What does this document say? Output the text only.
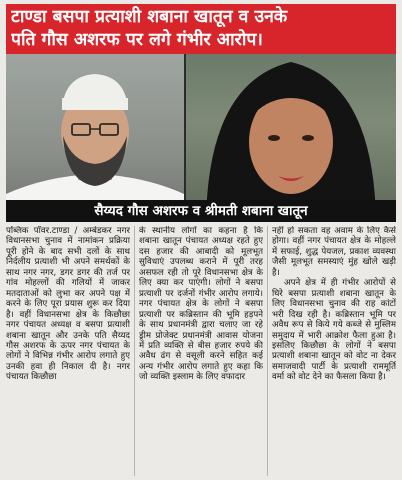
टाण्डा बसपा प्रत्याशी शबाना खातून व उनके
पति गौस अशरफ पर लगे गंभीर आरोप।
सैय्यद गौस अशरफ व श्रीमती शबाना खातून

पब्लिक पॉवर.टाण्डा / अम्बेडकर नगर विधानसभा चुनाव में नामांकन प्रक्रिया पूरी होने के बाद सभी दलों के साथ निर्दलीय प्रत्याशी भी अपने समर्थकों के साथ नगर नगर, डगर डगर की तर्ज पर गांव मोहल्लों की गलियों में जाकर मतदाताओं को लुभा कर अपने पक्ष में करने के लिए पूरा प्रयास शुरू कर दिया है। वहीं विधानसभा क्षेत्र के किछौछा नगर पंचायत अध्यक्ष व बसपा प्रत्याशी शबाना खातून और उनके पति सैय्यद गौस अशरफ के ऊपर नगर पंचायत के लोगों ने विभिन्न गंभीर आरोप लगाते हुए उनकी हवा ही निकाल दी है। नगर पंचायत किछौछा

के स्थानीय लोगों का कहना है कि शबाना खातून पंचायत अध्यक्ष रहते हुए दस हजार की आबादी को मूलभूत सुविधाएं उपलब्ध कराने में पूरी तरह असफल रही तो पूरे विधानसभा क्षेत्र के लिए क्या कर पाएंगी। लोगों ने बसपा प्रत्याशी पर दर्जनों गंभीर आरोप लगाये। नगर पंचायत क्षेत्र के लोगों ने बसपा प्रत्याशी पर कब्रिस्तान की भूमि हड़पने के साथ प्रधानमंत्री द्वारा चलाए जा रहे ड्रीम प्रोजेक्ट प्रधानमंत्री आवास योजना में प्रति व्यक्ति से बीस हजार रुपये की अवैध ढंग से वसूली करने सहित कई अन्य गंभीर आरोप लगाते हुए कहा कि जो व्यक्ति इस्लाम के लिए वफादार

नहीं हो सकता वह अवाम के लिए कैसे होगा। वहीं नगर पंचायत क्षेत्र के मोहल्ले में सफाई, शुद्ध पेयजल, प्रकाश व्यवस्था जैसी मूलभूत समस्याएं मुंह खोले खड़ी है।

अपने क्षेत्र में ही गंभीर आरोपों से घिरे बसपा प्रत्याशी शबाना खातून के लिए विधानसभा चुनाव की राह कांटों भरी दिख रही है। कब्रिस्तान भूमि पर अवैध रूप से किये गये कब्जे से मुस्लिम समुदाय में भारी आक्रोश फैला हुआ है। इसलिए किछौछा के लोगों ने बसपा प्रत्याशी शबाना खातून को वोट ना देकर समाजवादी पार्टी के प्रत्याशी राममूर्ति वर्मा को वोट देने का फैसला किया है।
